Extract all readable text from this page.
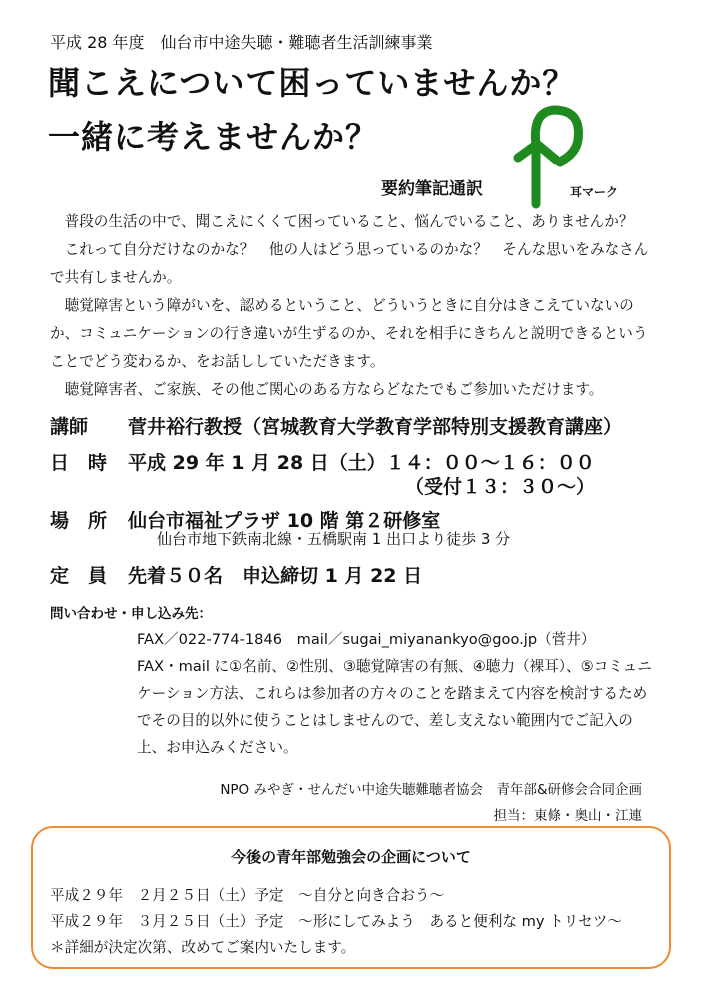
平成 28 年度　仙台市中途失聴・難聴者生活訓練事業
聞こえについて困っていませんか？
一緒に考えませんか？
要約筆記通訳	耳マーク

普段の生活の中で、聞こえにくくて困っていること、悩んでいること、ありませんか？

これって自分だけなのかな？　他の人はどう思っているのかな？　そんな思いをみなさんで共有しませんか。

聴覚障害という障がいを、認めるということ、どういうときに自分はきこえていないのか、コミュニケーションの行き違いが生ずるのか、それを相手にきちんと説明できるということでどう変わるか、をお話ししていただきます。

聴覚障害者、ご家族、その他ご関心のある方ならどなたでもご参加いただけます。

講師 菅井裕行教授（宮城教育大学教育学部特別支援教育講座）
日　時 平成 29 年 1 月 28 日（土）１４：００～１６：００
（受付１３：３０～）
場　所 仙台市福祉プラザ 10 階 第２研修室
仙台市地下鉄南北線・五橋駅南 1 出口より徒歩 3 分
定　員 先着５０名　申込締切 1 月 22 日
問い合わせ・申し込み先：

FAX／022-774-1846　mail／sugai_miyanankyo@goo.jp（菅井）

FAX・mail に①名前、②性別、③聴覚障害の有無、④聴力（裸耳）、⑤コミュニケーション方法、これらは参加者の方々のことを踏まえて内容を検討するためでその目的以外に使うことはしませんので、差し支えない範囲内でご記入の上、お申込みください。

NPO みやぎ・せんだい中途失聴難聴者協会　青年部&研修会合同企画
担当：東條・奥山・江連
今後の青年部勉強会の企画について
平成２９年　２月２５日（土）予定　～自分と向き合おう～
平成２９年　３月２５日（土）予定　～形にしてみよう　あると便利な my トリセツ～
＊詳細が決定次第、改めてご案内いたします。
